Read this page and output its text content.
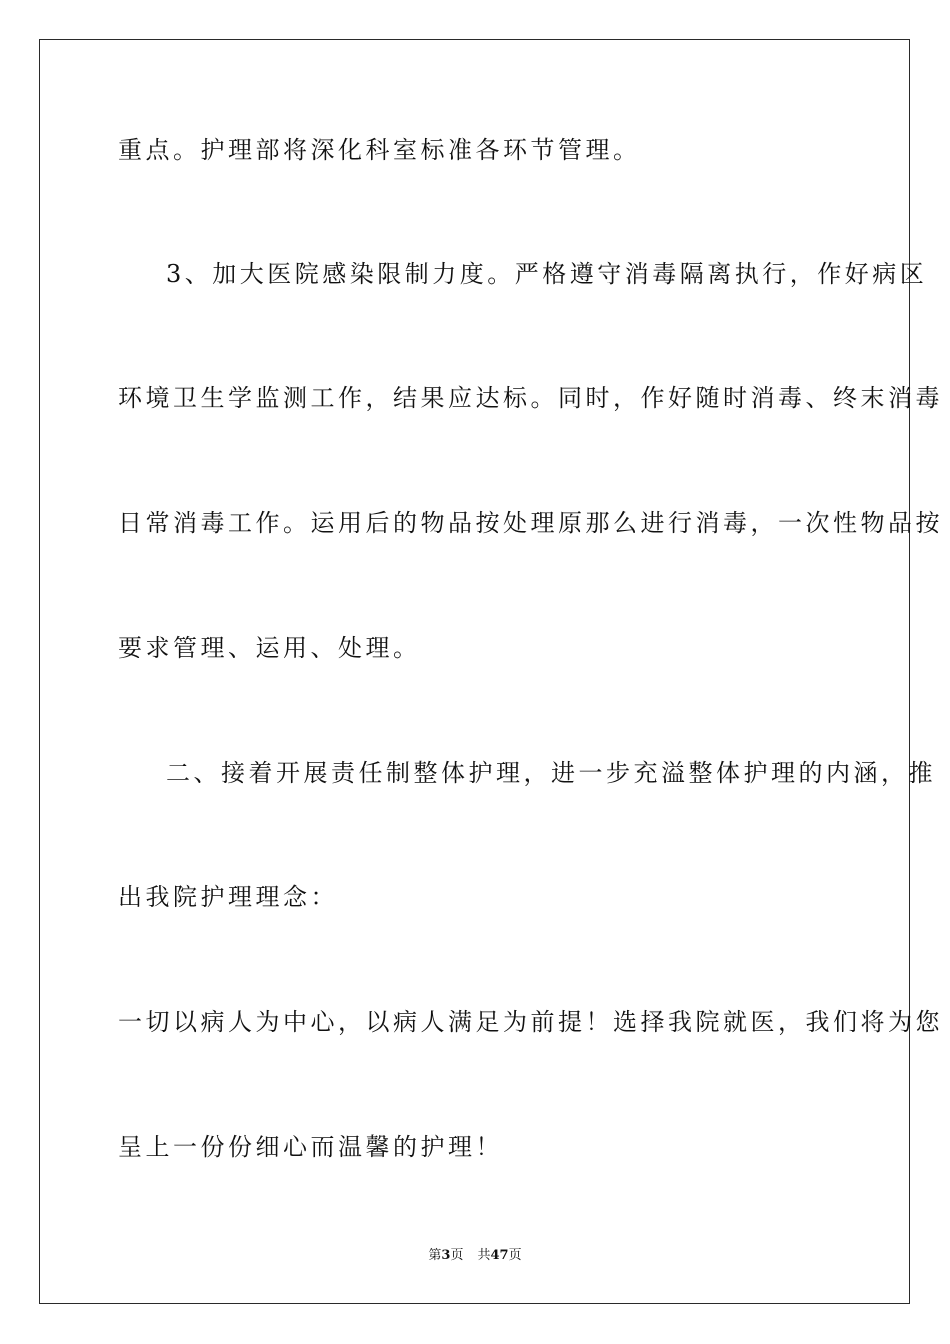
重点。护理部将深化科室标准各环节管理。
3、加大医院感染限制力度。严格遵守消毒隔离执行，作好病区
环境卫生学监测工作，结果应达标。同时，作好随时消毒、终末消毒
日常消毒工作。运用后的物品按处理原那么进行消毒，一次性物品按
要求管理、运用、处理。
二、接着开展责任制整体护理，进一步充溢整体护理的内涵，推
出我院护理理念：
一切以病人为中心，以病人满足为前提！选择我院就医，我们将为您
呈上一份份细心而温馨的护理！
第3页 共47页
